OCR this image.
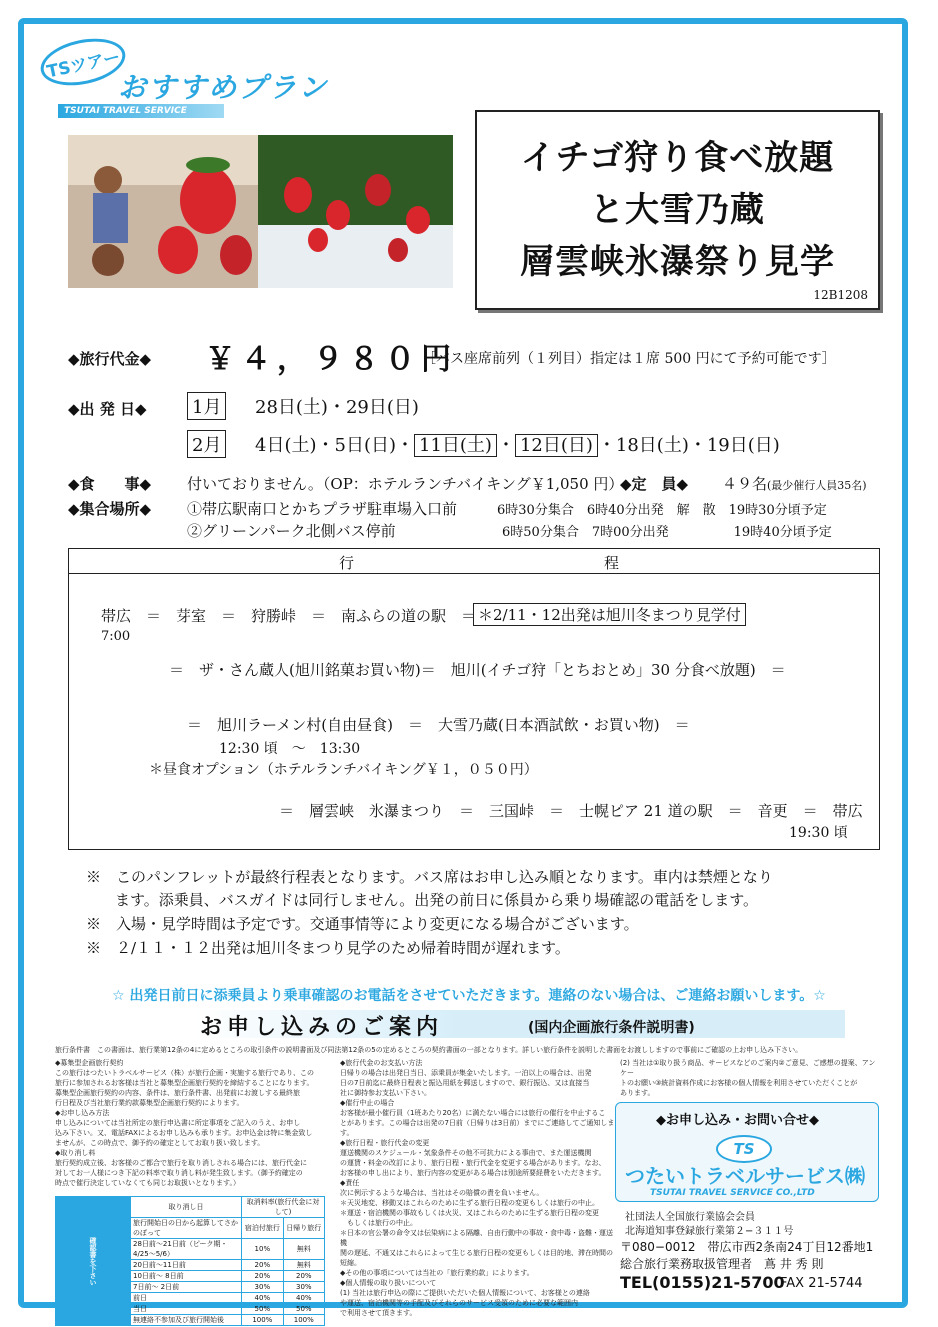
TSツアー
おすすめプラン
TSUTAI TRAVEL SERVICE
イチゴ狩り食べ放題
と大雪乃蔵
層雲峡氷瀑祭り見学
12B1208
◆旅行代金◆ ￥４，９８０円
［バス座席前列（１列目）指定は１席 500 円にて予約可能です］
◆出 発 日◆	1月 28日(土)・29日(日)
2月 4日(土)・5日(日)・ 11日(土) ・ 12日(日) ・18日(土)・19日(日)
◆食　　事◆ 付いておりません。（OP：ホテルランチバイキング￥1,050 円）
◆定　員◆ ４９名(最少催行人員35名)
◆集合場所◆ ①帯広駅南口とかちプラザ駐車場入口前	6時30分集合　6時40分出発　解　散　19時30分頃予定
②グリーンパーク北側バス停前	6時50分集合　7時00分出発　　　　　19時40分頃予定
行	程
帯広　＝　芽室　＝　狩勝峠　＝　南ふらの道の駅　＝ ＊2/11・12出発は旭川冬まつり見学付
7:00
＝　ザ・さん蔵人(旭川銘菓お買い物)＝　旭川(イチゴ狩「とちおとめ」30 分食べ放題)　＝
＝　旭川ラーメン村(自由昼食)　＝　大雪乃蔵(日本酒試飲・お買い物)　＝
12:30 頃　～　13:30
＊昼食オプション（ホテルランチバイキング￥１，０５０円）
＝　層雲峡　氷瀑まつり　＝　三国峠　＝　士幌ピア 21 道の駅　＝　音更　＝　帯広
19:30 頃
※　このパンフレットが最終行程表となります。バス席はお申し込み順となります。車内は禁煙となり
ます。添乗員、バスガイドは同行しません。出発の前日に係員から乗り場確認の電話をします。
※　入場・見学時間は予定です。交通事情等により変更になる場合がございます。
※　２/１１・１２出発は旭川冬まつり見学のため帰着時間が遅れます。
☆ 出発日前日に添乗員より乗車確認のお電話をさせていただきます。連絡のない場合は、ご連絡お願いします。☆
お申し込みのご案内	(国内企画旅行条件説明書)
旅行条件書　この書面は、旅行業第12条の4に定めるところの取引条件の説明書面及び同法第12条の5の定めるところの契約書面の一部となります。詳しい旅行条件を説明した書面をお渡ししますので事前にご確認の上お申し込み下さい。
◆募集型企画旅行契約
この旅行はつたいトラベルサービス（株）が旅行企画・実施する旅行であり、この
旅行に参加されるお客様は当社と募集型企画旅行契約を締結することになります。
募集型企画旅行契約の内容、条件は、旅行条件書、出発前にお渡しする最終旅
行日程及び当社旅行業約款募集型企画旅行契約によります。
◆お申し込み方法
申し込みについては当社所定の旅行申込書に所定事項をご記入のうえ、お申し
込み下さい。又、電話FAXによるお申し込みも承ります。お申込金は特に集金致し
ませんが、この時点で、御予約の確定としてお取り扱い致します。
◆取り消し料
旅行契約成立後、お客様のご都合で旅行を取り消しされる場合には、旅行代金に
対してお一人様につき下記の料率で取り消し料が発生致します。（御予約確定の
時点で催行決定していなくても同じお取扱いとなります。）
◆旅行代金のお支払い方法
日帰りの場合は出発日当日、添乗員が集金いたします。一泊以上の場合は、出発
日の7日前迄に最終日程表と振込用紙を郵送しますので、銀行振込、又は直接当
社に御持参お支払い下さい。
◆催行中止の場合
お客様が最小催行員（1班あたり20名）に満たない場合には旅行の催行を中止するこ
とがあります。この場合は出発の7日前（日帰りは3日前）までにご連絡してご通知します。
◆旅行日程・旅行代金の変更
運送機関のスケジュール・気象条件その他不可抗力による事由で、また運送機関
の運賃・料金の改訂により、旅行日程・旅行代金を変更する場合があります。なお、
お客様の申し出により、旅行内容の変更がある場合は別途所要経費をいただきます。
◆責任
次に例示するような場合は、当社はその賠償の責を負いません。
＊天災地変、移動又はこれらのために生ずる旅行日程の変更もしくは旅行の中止。
＊運送・宿泊機関の事故もしくは火災、又はこれらのために生ずる旅行日程の変更
　もしくは旅行の中止。
＊日本の官公署の命令又は伝染病による隔離、自由行動中の事故・食中毒・盗難・運送機
関の遅延、不通又はこれらによって生じる旅行日程の変更もしくは目的地、滞在時間の短縮。
◆その他の事項については当社の「旅行業約款」によります。
◆個人情報の取り扱いについて
(1) 当社は旅行申込の際にご提供いただいた個人情報について、お客様との連絡
や運送、宿泊機関等の手配及びそれらのサービス受領のために必要な範囲内
で利用させて頂きます。
(2) 当社は①取り扱う商品、サービスなどのご案内②ご意見、ご感想の提案、アンケー
トのお願い③統計資料作成にお客様の個人情報を利用させていただくことが
あります。
確認書を下さい	取り消し日	取消料率(旅行代金に対して)	
	旅行開始日の日から起算してさかのぼって	宿泊付旅行	日帰り旅行
	28日前〜21日前（ピーク期・4/25〜5/6）	10%	無料
	20日前〜11日前	20%	無料
	10日前〜 8日前	20%	20%
	7日前〜 2日前	30%	30%
	前日	40%	40%
	当日	50%	50%
	無連絡不参加及び旅行開始後	100%	100%
◆お申し込み・お問い合せ◆
TS
つたいトラベルサービス㈱
TSUTAI TRAVEL SERVICE CO.,LTD
社団法人全国旅行業協会会員
北海道知事登録旅行業第２−３１１号
〒080−0012　帯広市西2条南24丁目12番地1
総合旅行業務取扱管理者　蔦 井 秀 則
TEL(0155)21-5700
FAX 21-5744
